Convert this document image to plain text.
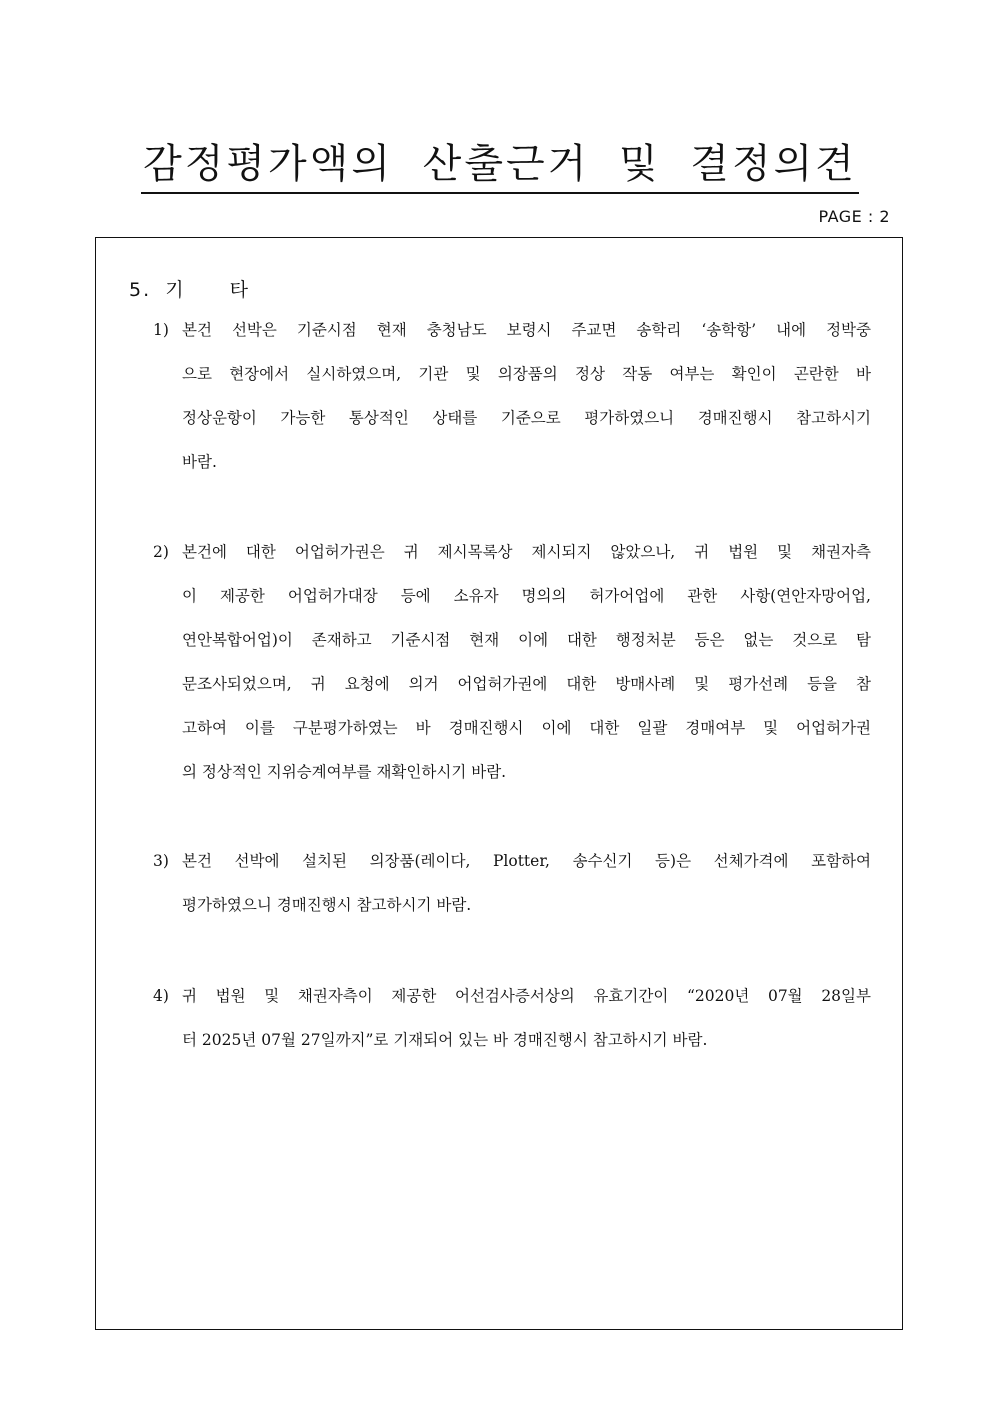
감정평가액의 산출근거 및 결정의견
PAGE : 2
5. 기 타
1) 본건 선박은 기준시점 현재 충청남도 보령시 주교면 송학리 ‘송학항’ 내에 정박중
으로 현장에서 실시하였으며, 기관 및 의장품의 정상 작동 여부는 확인이 곤란한 바
정상운항이 가능한 통상적인 상태를 기준으로 평가하였으니 경매진행시 참고하시기
바람.
2) 본건에 대한 어업허가권은 귀 제시목록상 제시되지 않았으나, 귀 법원 및 채권자측
이 제공한 어업허가대장 등에 소유자 명의의 허가어업에 관한 사항(연안자망어업,
연안복합어업)이 존재하고 기준시점 현재 이에 대한 행정처분 등은 없는 것으로 탐
문조사되었으며, 귀 요청에 의거 어업허가권에 대한 방매사례 및 평가선례 등을 참
고하여 이를 구분평가하였는 바 경매진행시 이에 대한 일괄 경매여부 및 어업허가권
의 정상적인 지위승계여부를 재확인하시기 바람.
3) 본건 선박에 설치된 의장품(레이다, Plotter, 송수신기 등)은 선체가격에 포함하여
평가하였으니 경매진행시 참고하시기 바람.
4) 귀 법원 및 채권자측이 제공한 어선검사증서상의 유효기간이 “2020년 07월 28일부
터 2025년 07월 27일까지”로 기재되어 있는 바 경매진행시 참고하시기 바람.
